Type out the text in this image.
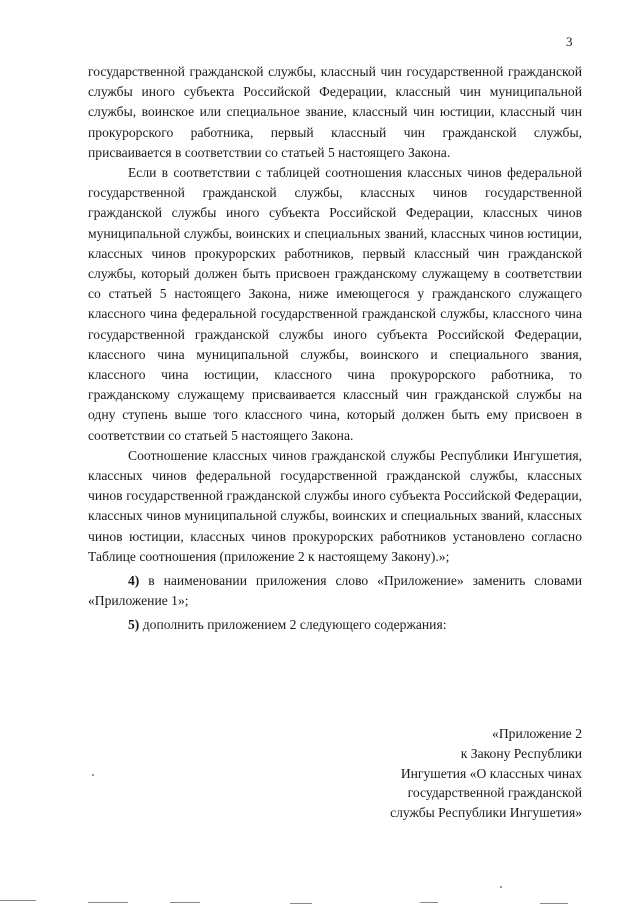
3

государственной гражданской службы, классный чин государственной гражданской службы иного субъекта Российской Федерации, классный чин муниципальной службы, воинское или специальное звание, классный чин юстиции, классный чин прокурорского работника, первый классный чин гражданской службы, присваивается в соответствии со статьей 5 настоящего Закона.

Если в соответствии с таблицей соотношения классных чинов федеральной государственной гражданской службы, классных чинов государственной гражданской службы иного субъекта Российской Федерации, классных чинов муниципальной службы, воинских и специальных званий, классных чинов юстиции, классных чинов прокурорских работников, первый классный чин гражданской службы, который должен быть присвоен гражданскому служащему в соответствии со статьей 5 настоящего Закона, ниже имеющегося у гражданского служащего классного чина федеральной государственной гражданской службы, классного чина государственной гражданской службы иного субъекта Российской Федерации, классного чина муниципальной службы, воинского и специального звания, классного чина юстиции, классного чина прокурорского работника, то гражданскому служащему присваивается классный чин гражданской службы на одну ступень выше того классного чина, который должен быть ему присвоен в соответствии со статьей 5 настоящего Закона.

Соотношение классных чинов гражданской службы Республики Ингушетия, классных чинов федеральной государственной гражданской службы, классных чинов государственной гражданской службы иного субъекта Российской Федерации, классных чинов муниципальной службы, воинских и специальных званий, классных чинов юстиции, классных чинов прокурорских работников установлено согласно Таблице соотношения (приложение 2 к настоящему Закону).»;

4) в наименовании приложения слово «Приложение» заменить словами «Приложение 1»;

5) дополнить приложением 2 следующего содержания:

«Приложение 2
к Закону Республики
Ингушетия «О классных чинах
государственной гражданской
службы Республики Ингушетия»
